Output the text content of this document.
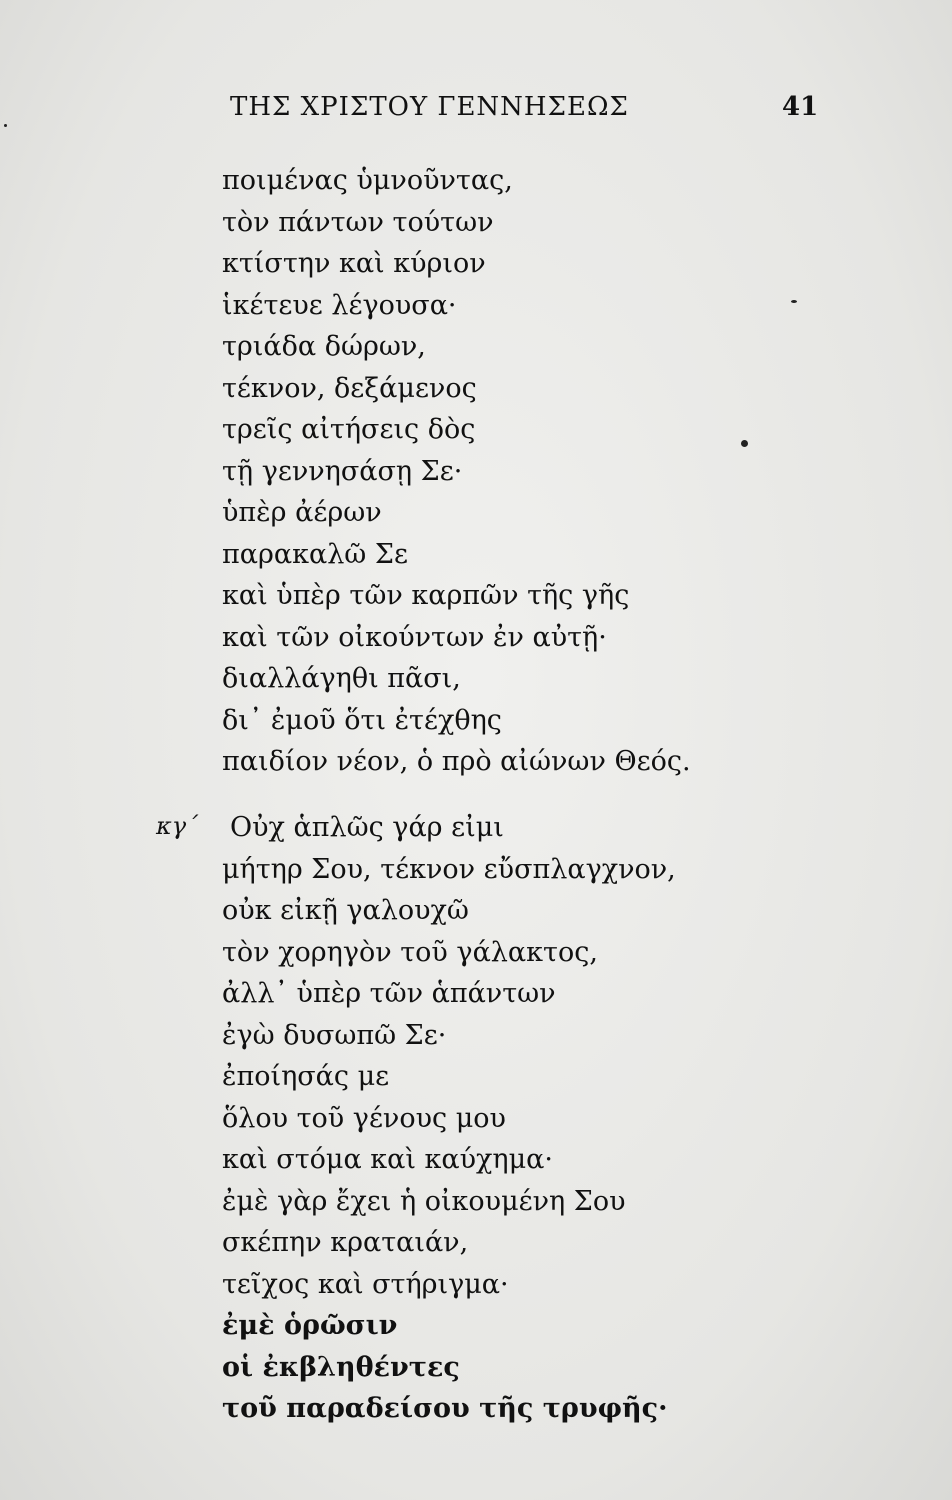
ΤΗΣ ΧΡΙΣΤΟΥ ΓΕΝΝΗΣΕΩΣ	41
ποιμένας ὑμνοῦντας,
τὸν πάντων τούτων
κτίστην καὶ κύριον
ἱκέτευε λέγουσα·
τριάδα δώρων,
τέκνον, δεξάμενος
τρεῖς αἰτήσεις δὸς
τῇ γεννησάσῃ Σε·
ὑπὲρ ἀέρων
παρακαλῶ Σε
καὶ ὑπὲρ τῶν καρπῶν τῆς γῆς
καὶ τῶν οἰκούντων ἐν αὐτῇ·
διαλλάγηθι πᾶσι,
δι᾿ ἐμοῦ ὅτι ἐτέχθης
παιδίον νέον, ὁ πρὸ αἰώνων Θεός.
κγ´ Οὐχ ἁπλῶς γάρ εἰμι
μήτηρ Σου, τέκνον εὔσπλαγχνον,
οὐκ εἰκῇ γαλουχῶ
τὸν χορηγὸν τοῦ γάλακτος,
ἀλλ᾿ ὑπὲρ τῶν ἁπάντων
ἐγὼ δυσωπῶ Σε·
ἐποίησάς με
ὅλου τοῦ γένους μου
καὶ στόμα καὶ καύχημα·
ἐμὲ γὰρ ἔχει ἡ οἰκουμένη Σου
σκέπην κραταιάν,
τεῖχος καὶ στήριγμα·
ἐμὲ ὁρῶσιν
οἱ ἐκβληθέντες
τοῦ παραδείσου τῆς τρυφῆς·
